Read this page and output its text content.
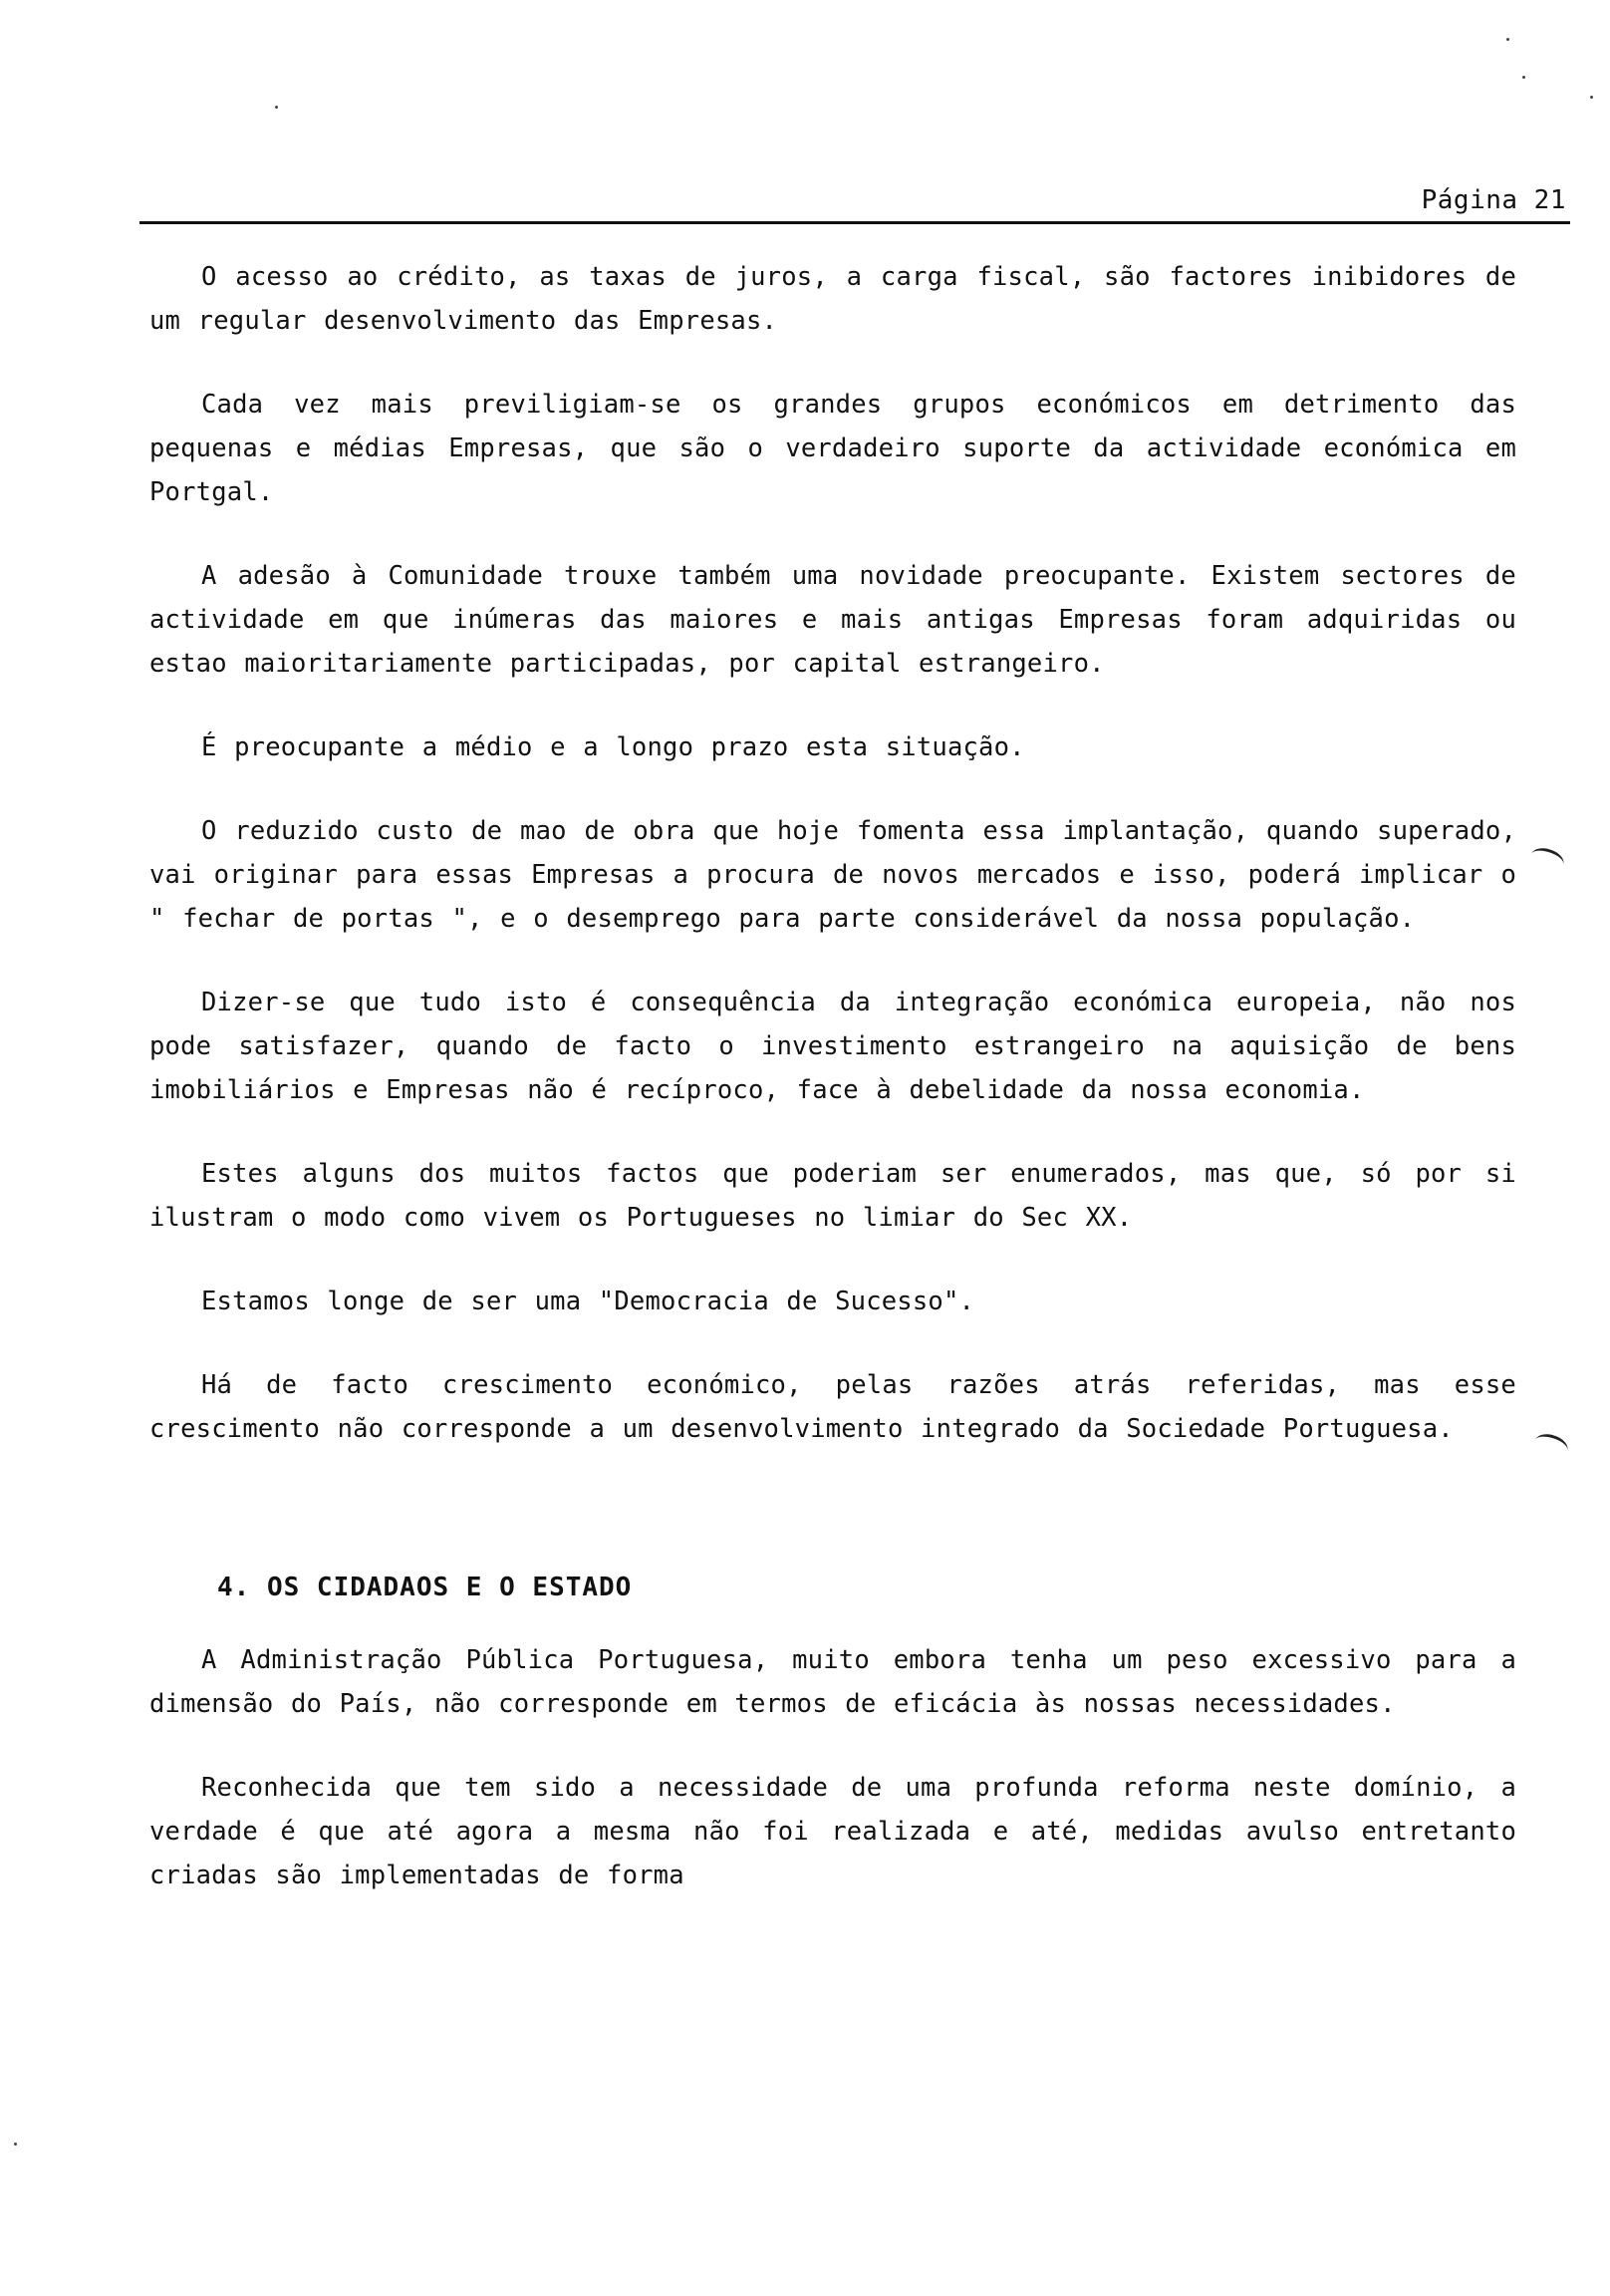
Página 21

O acesso ao crédito, as taxas de juros, a carga fiscal, são factores inibidores de um regular desenvolvimento das Empresas.

Cada vez mais previligiam-se os grandes grupos económicos em detrimento das pequenas e médias Empresas, que são o verdadeiro suporte da actividade económica em Portgal.

A adesão à Comunidade trouxe também uma novidade preocupante. Existem sectores de actividade em que inúmeras das maiores e mais antigas Empresas foram adquiridas ou estao maioritariamente participadas, por capital estrangeiro.

É preocupante a médio e a longo prazo esta situação.

O reduzido custo de mao de obra que hoje fomenta essa implantação, quando superado, vai originar para essas Empresas a procura de novos mercados e isso, poderá implicar o " fechar de portas ", e o desemprego para parte considerável da nossa população.

Dizer-se que tudo isto é consequência da integração económica europeia, não nos pode satisfazer, quando de facto o investimento estrangeiro na aquisição de bens imobiliários e Empresas não é recíproco, face à debelidade da nossa economia.

Estes alguns dos muitos factos que poderiam ser enumerados, mas que, só por si ilustram o modo como vivem os Portugueses no limiar do Sec XX.

Estamos longe de ser uma "Democracia de Sucesso".

Há de facto crescimento económico, pelas razões atrás referidas, mas esse crescimento não corresponde a um desenvolvimento integrado da Sociedade Portuguesa.

4. OS CIDADAOS E O ESTADO

A Administração Pública Portuguesa, muito embora tenha um peso excessivo para a dimensão do País, não corresponde em termos de eficácia às nossas necessidades.

Reconhecida que tem sido a necessidade de uma profunda reforma neste domínio, a verdade é que até agora a mesma não foi realizada e até, medidas avulso entretanto criadas são implementadas de forma
